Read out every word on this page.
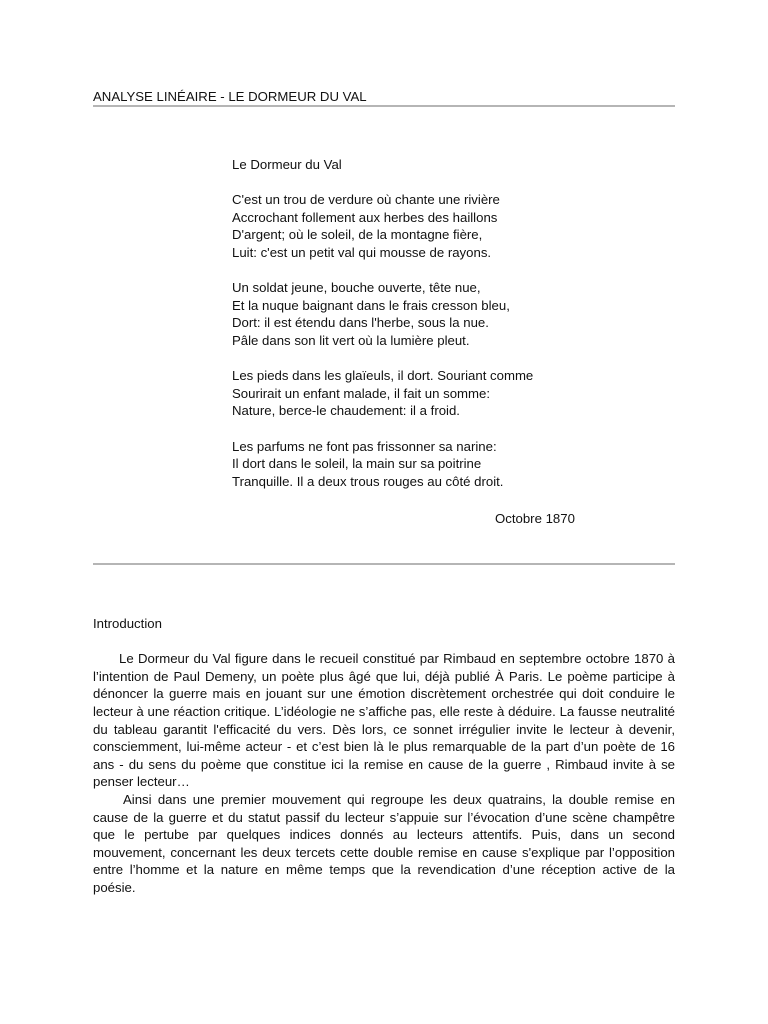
ANALYSE LINÉAIRE - LE DORMEUR DU VAL
Le Dormeur du Val
C'est un trou de verdure où chante une rivière
Accrochant follement aux herbes des haillons
D'argent; où le soleil, de la montagne fière,
Luit: c'est un petit val qui mousse de rayons.
Un soldat jeune, bouche ouverte, tête nue,
Et la nuque baignant dans le frais cresson bleu,
Dort: il est étendu dans l'herbe, sous la nue.
Pâle dans son lit vert où la lumière pleut.
Les pieds dans les glaïeuls, il dort. Souriant comme
Sourirait un enfant malade, il fait un somme:
Nature, berce-le chaudement: il a froid.
Les parfums ne font pas frissonner sa narine:
Il dort dans le soleil, la main sur sa poitrine
Tranquille. Il a deux trous rouges au côté droit.
Octobre 1870
Introduction

Le Dormeur du Val figure dans le recueil constitué par Rimbaud en septembre octobre 1870 à l’intention de Paul Demeny, un poète plus âgé que lui, déjà publié À Paris. Le poème participe à dénoncer la guerre mais en jouant sur une émotion discrètement orchestrée qui doit conduire le lecteur à une réaction critique. L’idéologie ne s’affiche pas, elle reste à déduire. La fausse neutralité du tableau garantit l'efficacité du vers. Dès lors, ce sonnet irrégulier invite le lecteur à devenir, consciemment, lui-même acteur - et c’est bien là le plus remarquable de la part d’un poète de 16 ans - du sens du poème que constitue ici la remise en cause de la guerre , Rimbaud invite à se penser lecteur…

Ainsi dans une premier mouvement qui regroupe les deux quatrains, la double remise en cause de la guerre et du statut passif du lecteur s’appuie sur l’évocation d’une scène champêtre que le pertube par quelques indices donnés au lecteurs attentifs. Puis, dans un second mouvement, concernant les deux tercets cette double remise en cause s'explique par l’opposition entre l’homme et la nature en même temps que la revendication d’une réception active de la poésie.
